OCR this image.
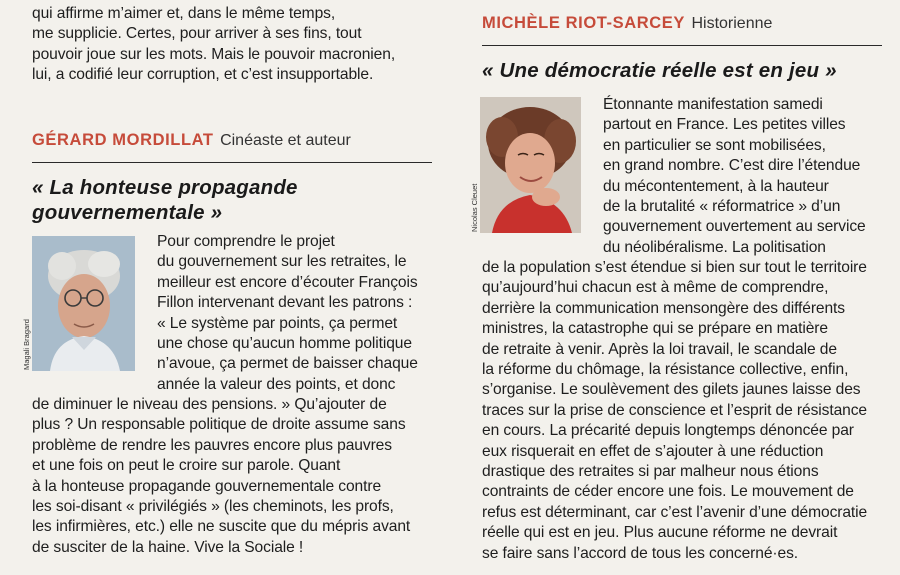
qui affirme m’aimer et, dans le même temps,
me supplicie. Certes, pour arriver à ses fins, tout
pouvoir joue sur les mots. Mais le pouvoir macronien,
lui, a codifié leur corruption, et c’est insupportable.
GÉRARD MORDILLAT Cinéaste et auteur
« La honteuse propagande
gouvernementale »
Magali Bragard
Pour comprendre le projet
du gouvernement sur les retraites, le
meilleur est encore d’écouter François
Fillon intervenant devant les patrons :
« Le système par points, ça permet
une chose qu’aucun homme politique
n’avoue, ça permet de baisser chaque
année la valeur des points, et donc
de diminuer le niveau des pensions. » Qu’ajouter de
plus ? Un responsable politique de droite assume sans
problème de rendre les pauvres encore plus pauvres
et une fois on peut le croire sur parole. Quant
à la honteuse propagande gouvernementale contre
les soi-disant « privilégiés » (les cheminots, les profs,
les infirmières, etc.) elle ne suscite que du mépris avant
de susciter de la haine. Vive la Sociale !
MICHÈLE RIOT-SARCEY Historienne
« Une démocratie réelle est en jeu »
Nicolas Cleuet
Étonnante manifestation samedi
partout en France. Les petites villes
en particulier se sont mobilisées,
en grand nombre. C’est dire l’étendue
du mécontentement, à la hauteur
de la brutalité « réformatrice » d’un
gouvernement ouvertement au service
du néolibéralisme. La politisation
de la population s’est étendue si bien sur tout le territoire
qu’aujourd’hui chacun est à même de comprendre,
derrière la communication mensongère des différents
ministres, la catastrophe qui se prépare en matière
de retraite à venir. Après la loi travail, le scandale de
la réforme du chômage, la résistance collective, enfin,
s’organise. Le soulèvement des gilets jaunes laisse des
traces sur la prise de conscience et l’esprit de résistance
en cours. La précarité depuis longtemps dénoncée par
eux risquerait en effet de s’ajouter à une réduction
drastique des retraites si par malheur nous étions
contraints de céder encore une fois. Le mouvement de
refus est déterminant, car c’est l’avenir d’une démocratie
réelle qui est en jeu. Plus aucune réforme ne devrait
se faire sans l’accord de tous les concerné·es.
